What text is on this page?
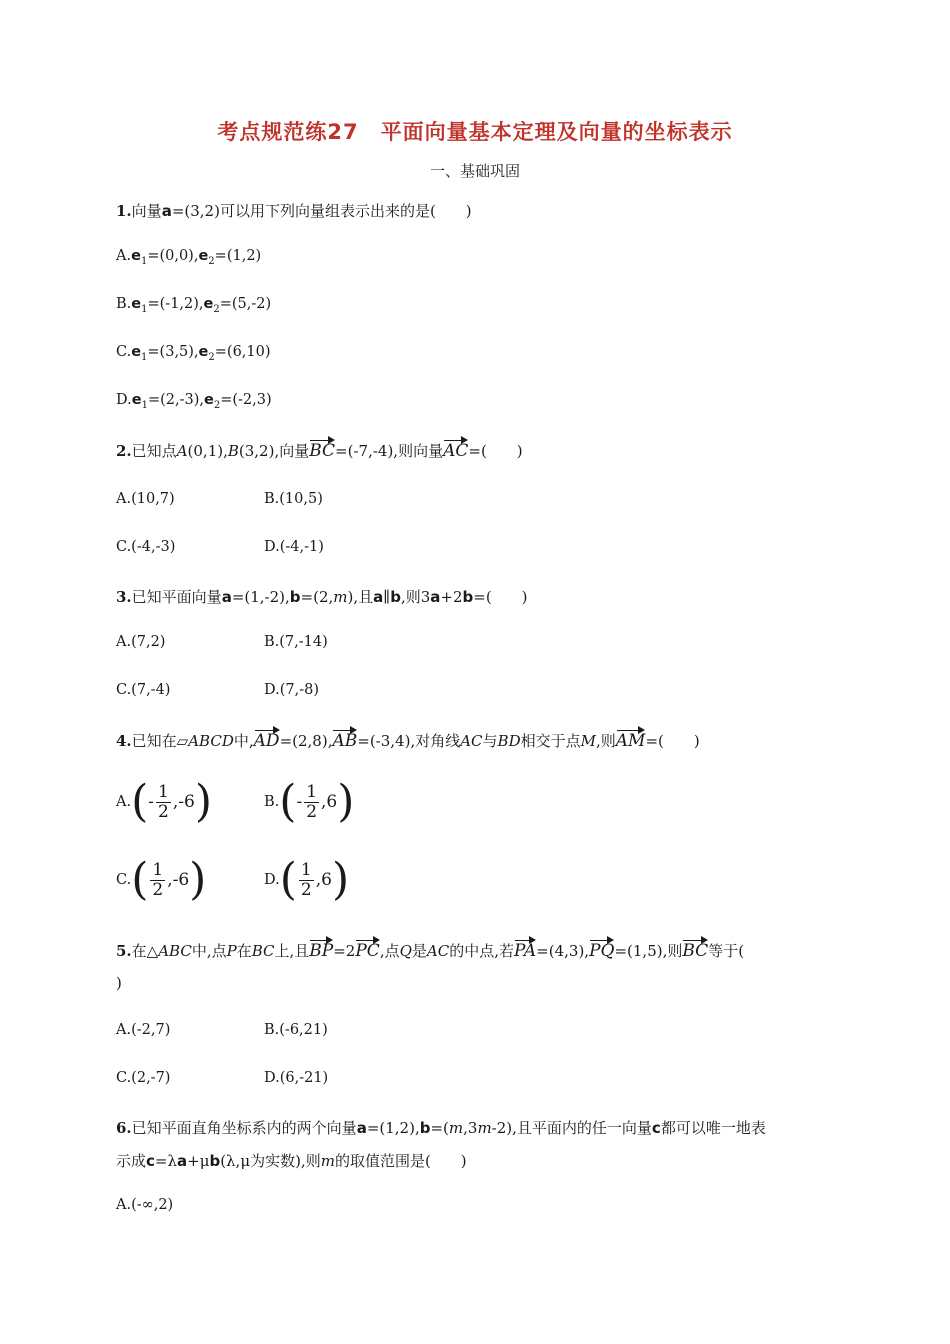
考点规范练27　平面向量基本定理及向量的坐标表示
一、基础巩固
1.向量a=(3,2)可以用下列向量组表示出来的是(　　)
$A.e_1=(0,0),e_2=(1,2)$
$B.e_1=(-1,2),e_2=(5,-2)$
$C.e_1=(3,5),e_2=(6,10)$
$D.e_1=(2,-3),e_2=(-2,3)$
2.已知点A(0,1),B(3,2),向量BC=(-7,-4),则向量AC=(　　)
A.(10,7)	B.(10,5)
C.(-4,-3)	D.(-4,-1)
3.已知平面向量a=(1,-2),b=(2,m),且a∥b,则3a+2b=(　　)
A.(7,2)	B.(7,-14)
C.(7,-4)	D.(7,-8)
4.已知在▱ABCD中,AD=(2,8),AB=(-3,4),对角线AC与BD相交于点M,则AM=(　　)
$A.(- \frac{1}{2} ,-6)$	$B.(- \frac{1}{2} ,6)$
$C.( \frac{1}{2} ,-6)$	$D.( \frac{1}{2} ,6)$
5.在△ABC中,点P在BC上,且BP=2PC,点Q是AC的中点,若PA=(4,3),PQ=(1,5),则BC等于(
)
A.(-2,7)	B.(-6,21)
C.(2,-7)	D.(6,-21)
6.已知平面直角坐标系内的两个向量a=(1,2),b=(m,3m-2),且平面内的任一向量c都可以唯一地表
示成c=λa+μb(λ,μ为实数),则m的取值范围是(　　)
A.(-∞,2)
